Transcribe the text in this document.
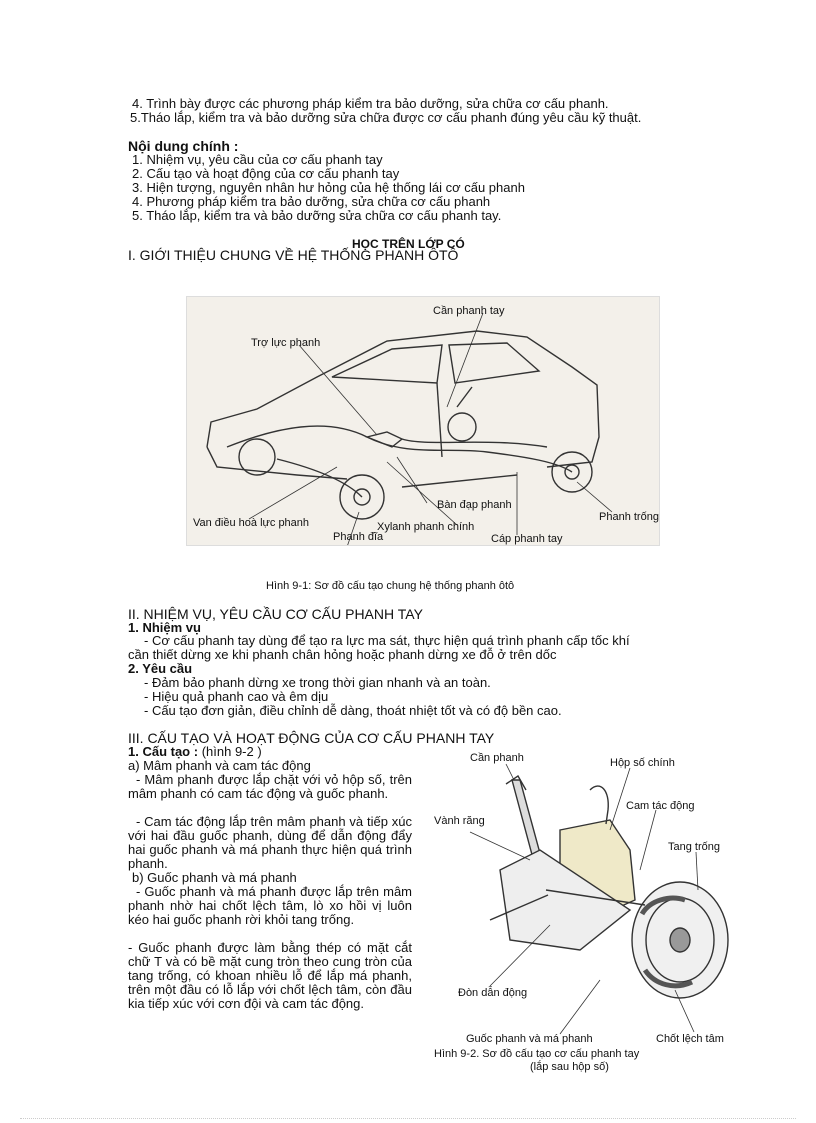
4. Trình bày được các phương pháp kiểm tra bảo dưỡng, sửa chữa cơ cấu phanh.
5.Tháo lắp, kiểm tra và bảo dưỡng sửa chữa được cơ cấu phanh đúng yêu cầu kỹ thuật.
Nội dung chính :
1. Nhiệm vụ, yêu cầu của cơ cấu phanh tay
2. Cấu tạo và hoạt động của cơ cấu phanh tay
3. Hiện tượng, nguyên nhân hư hỏng của hệ thống lái cơ cấu phanh
4. Phương pháp kiểm tra bảo dưỡng, sửa chữa cơ cấu phanh
5. Tháo lắp, kiểm tra và bảo dưỡng sửa chữa cơ cấu phanh tay.
HỌC TRÊN LỚP CÓ
I. GIỚI THIỆU CHUNG VỀ HỆ THỐNG PHANH ÔTÔ
Cần phanh tay
Trợ lực phanh
Bàn đạp phanh
Van điều hoà lực phanh	Xylanh phanh chính
Phanh trống
Cáp phanh tay
Phanh đĩa
Hình 9-1: Sơ đồ cấu tạo chung hệ thống phanh ôtô
II. NHIỆM VỤ, YÊU CẦU CƠ CẤU PHANH TAY
1. Nhiệm vụ
- Cơ cấu phanh tay dùng để tạo ra lực ma sát, thực hiện quá trình phanh cấp tốc khí
cần thiết dừng xe khi phanh chân hỏng hoặc phanh dừng xe đỗ ở trên dốc
2. Yêu cầu
- Đảm bảo phanh dừng xe trong thời gian nhanh và an toàn.
- Hiệu quả phanh cao và êm dịu
- Cấu tạo đơn giản, điều chỉnh dễ dàng, thoát nhiệt tốt và có độ bền cao.
III. CẤU TẠO VÀ HOẠT ĐỘNG CỦA CƠ CẤU PHANH TAY
1. Cấu tạo : (hình 9-2 )
a) Mâm phanh và cam tác động
- Mâm phanh được lắp chặt với vỏ hộp số, trên mâm phanh có cam tác động và guốc phanh.
- Cam tác động lắp trên mâm phanh và tiếp xúc với hai đầu guốc phanh, dùng để dẫn động đẩy hai guốc phanh và má phanh thực hiện quá trình phanh.
b) Guốc phanh và má phanh
- Guốc phanh và má phanh được lắp trên mâm phanh nhờ hai chốt lệch tâm, lò xo hồi vị luôn kéo hai guốc phanh rời khỏi tang trống.
- Guốc phanh được làm bằng thép có mặt cắt chữ T và có bề mặt cung tròn theo cung tròn của tang trống, có khoan nhiều lỗ để lắp má phanh, trên một đầu có lỗ lắp với chốt lệch tâm, còn đầu kia tiếp xúc với cơn đội và cam tác động.
Cần phanh	Hộp số chính
Cam tác động
Vành răng
Tang trống
Đòn dẫn động
Guốc phanh và má phanh	Chốt lệch tâm
Hình 9-2. Sơ đồ cấu tạo cơ cấu phanh tay
(lắp sau hộp số)
